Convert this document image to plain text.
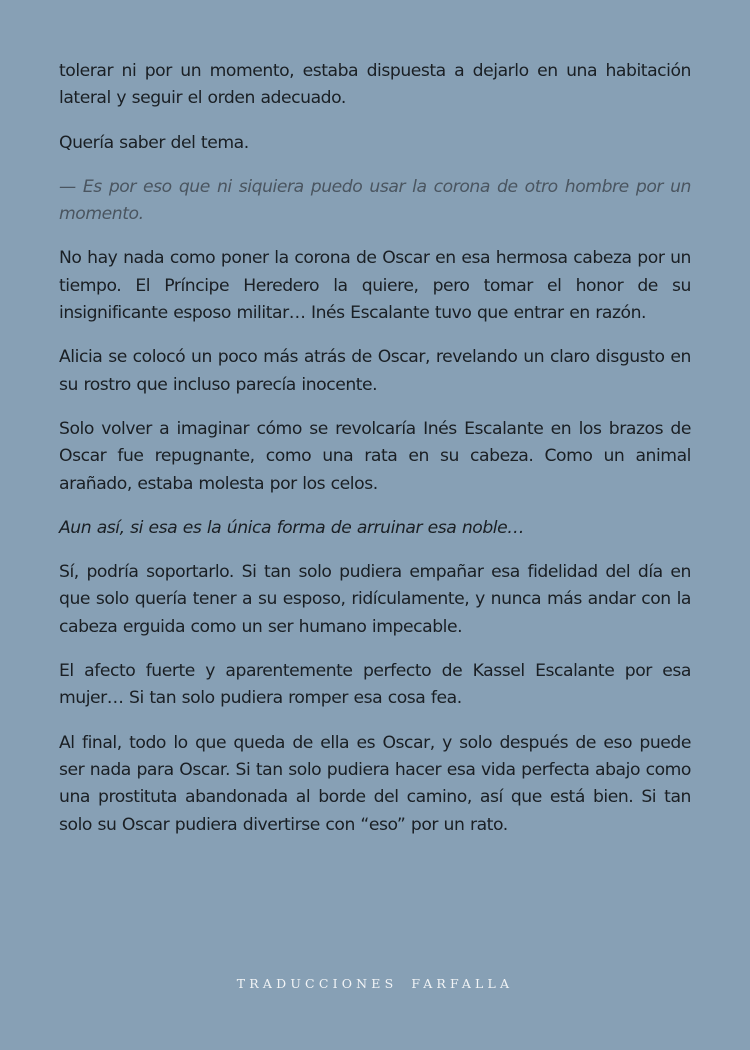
tolerar ni por un momento, estaba dispuesta a dejarlo en una habitación lateral y seguir el orden adecuado.

Quería saber del tema.

— Es por eso que ni siquiera puedo usar la corona de otro hombre por un momento.

No hay nada como poner la corona de Oscar en esa hermosa cabeza por un tiempo. El Príncipe Heredero la quiere, pero tomar el honor de su insignificante esposo militar… Inés Escalante tuvo que entrar en razón.

Alicia se colocó un poco más atrás de Oscar, revelando un claro disgusto en su rostro que incluso parecía inocente.

Solo volver a imaginar cómo se revolcaría Inés Escalante en los brazos de Oscar fue repugnante, como una rata en su cabeza. Como un animal arañado, estaba molesta por los celos.

Aun así, si esa es la única forma de arruinar esa noble…

Sí, podría soportarlo. Si tan solo pudiera empañar esa fidelidad del día en que solo quería tener a su esposo, ridículamente, y nunca más andar con la cabeza erguida como un ser humano impecable.

El afecto fuerte y aparentemente perfecto de Kassel Escalante por esa mujer… Si tan solo pudiera romper esa cosa fea.

Al final, todo lo que queda de ella es Oscar, y solo después de eso puede ser nada para Oscar. Si tan solo pudiera hacer esa vida perfecta abajo como una prostituta abandonada al borde del camino, así que está bien. Si tan solo su Oscar pudiera divertirse con “eso” por un rato.

TRADUCCIONES FARFALLA
